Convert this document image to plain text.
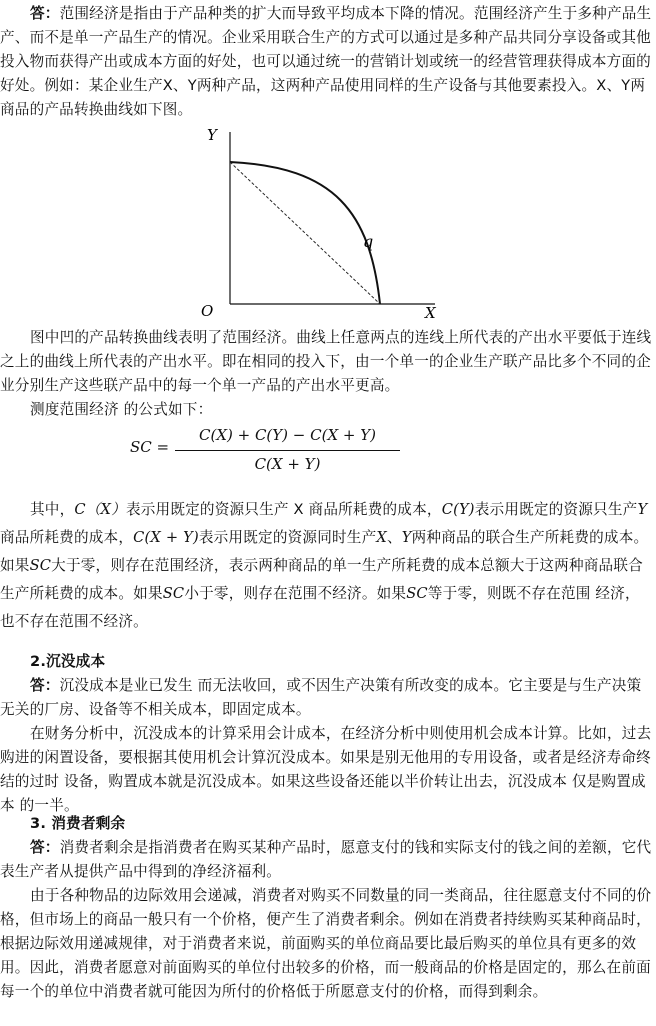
答：范围经济是指由于产品种类的扩大而导致平均成本下降的情况。范围经济产生于多种产品生产、而不是单一产品生产的情况。企业采用联合生产的方式可以通过是多种产品共同分享设备或其他投入物而获得产出或成本方面的好处，也可以通过统一的营销计划或统一的经营管理获得成本方面的好处。例如：某企业生产X、Y两种产品，这两种产品使用同样的生产设备与其他要素投入。X、Y两商品的产品转换曲线如下图。
Y
X
O
q
图中凹的产品转换曲线表明了范围经济。曲线上任意两点的连线上所代表的产出水平要低于连线之上的曲线上所代表的产出水平。即在相同的投入下，由一个单一的企业生产联产品比多个不同的企业分别生产这些联产品中的每一个单一产品的产出水平更高。
测度范围经济 的公式如下：
SC =
C(X) + C(Y) − C(X + Y)
C(X + Y)
其中，C（X）表示用既定的资源只生产 X 商品所耗费的成本，C(Y)表示用既定的资源只生产Y商品所耗费的成本，C(X + Y)表示用既定的资源同时生产X、Y两种商品的联合生产所耗费的成本。如果SC大于零，则存在范围经济，表示两种商品的单一生产所耗费的成本总额大于这两种商品联合生产所耗费的成本。如果SC小于零，则存在范围不经济。如果SC等于零，则既不存在范围 经济，也不存在范围不经济。
2.沉没成本
答：沉没成本是业已发生 而无法收回，或不因生产决策有所改变的成本。它主要是与生产决策无关的厂房、设备等不相关成本，即固定成本。
在财务分析中，沉没成本的计算采用会计成本，在经济分析中则使用机会成本计算。比如，过去购进的闲置设备，要根据其使用机会计算沉没成本。如果是别无他用的专用设备，或者是经济寿命终结的过时 设备，购置成本就是沉没成本。如果这些设备还能以半价转让出去，沉没成本 仅是购置成本 的一半。
3. 消费者剩余
答：消费者剩余是指消费者在购买某种产品时，愿意支付的钱和实际支付的钱之间的差额，它代表生产者从提供产品中得到的净经济福利。
由于各种物品的边际效用会递减，消费者对购买不同数量的同一类商品，往往愿意支付不同的价格，但市场上的商品一般只有一个价格，便产生了消费者剩余。例如在消费者持续购买某种商品时，根据边际效用递减规律，对于消费者来说，前面购买的单位商品要比最后购买的单位具有更多的效用。因此，消费者愿意对前面购买的单位付出较多的价格，而一般商品的价格是固定的，那么在前面每一个的单位中消费者就可能因为所付的价格低于所愿意支付的价格，而得到剩余。
